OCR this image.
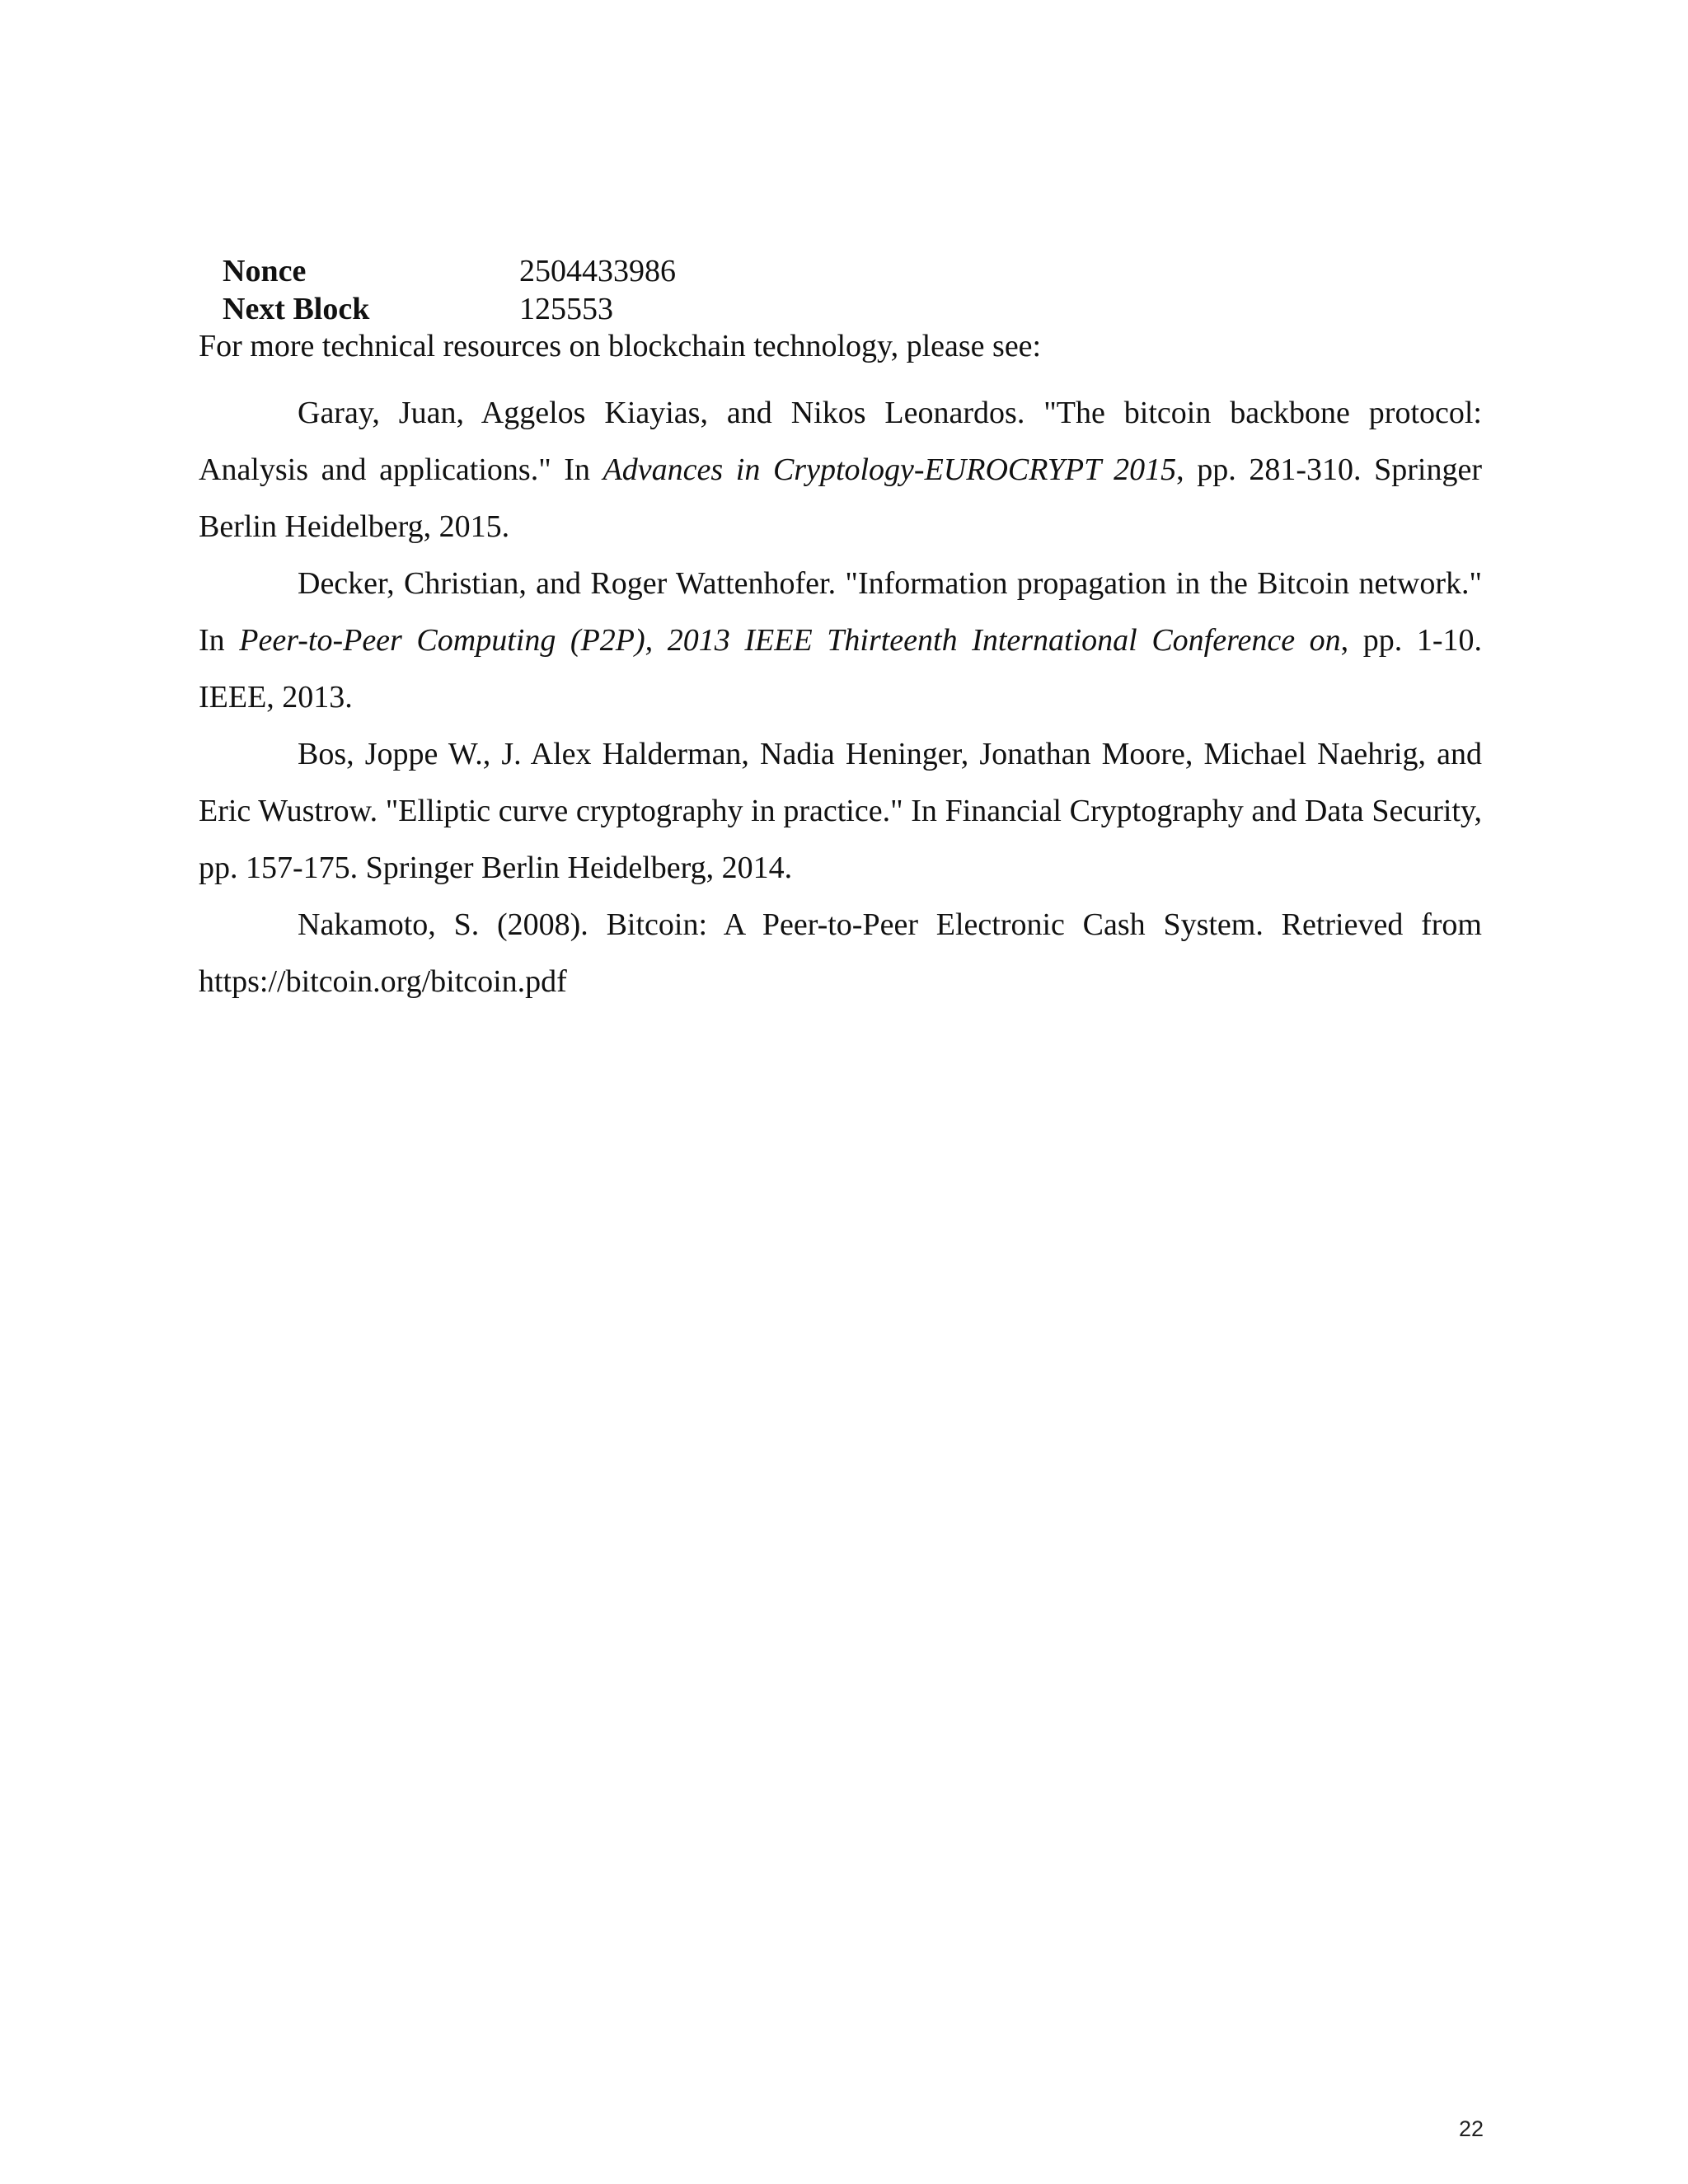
Nonce	2504433986
Next Block	125553
For more technical resources on blockchain technology, please see:

Garay, Juan, Aggelos Kiayias, and Nikos Leonardos. "The bitcoin backbone protocol: Analysis and applications." In Advances in Cryptology-EUROCRYPT 2015, pp. 281-310. Springer Berlin Heidelberg, 2015.

Decker, Christian, and Roger Wattenhofer. "Information propagation in the Bitcoin network." In Peer-to-Peer Computing (P2P), 2013 IEEE Thirteenth International Conference on, pp. 1-10. IEEE, 2013.

Bos, Joppe W., J. Alex Halderman, Nadia Heninger, Jonathan Moore, Michael Naehrig, and Eric Wustrow. "Elliptic curve cryptography in practice." In Financial Cryptography and Data Security, pp. 157-175. Springer Berlin Heidelberg, 2014.

Nakamoto, S. (2008). Bitcoin: A Peer-to-Peer Electronic Cash System. Retrieved from https://bitcoin.org/bitcoin.pdf

22
